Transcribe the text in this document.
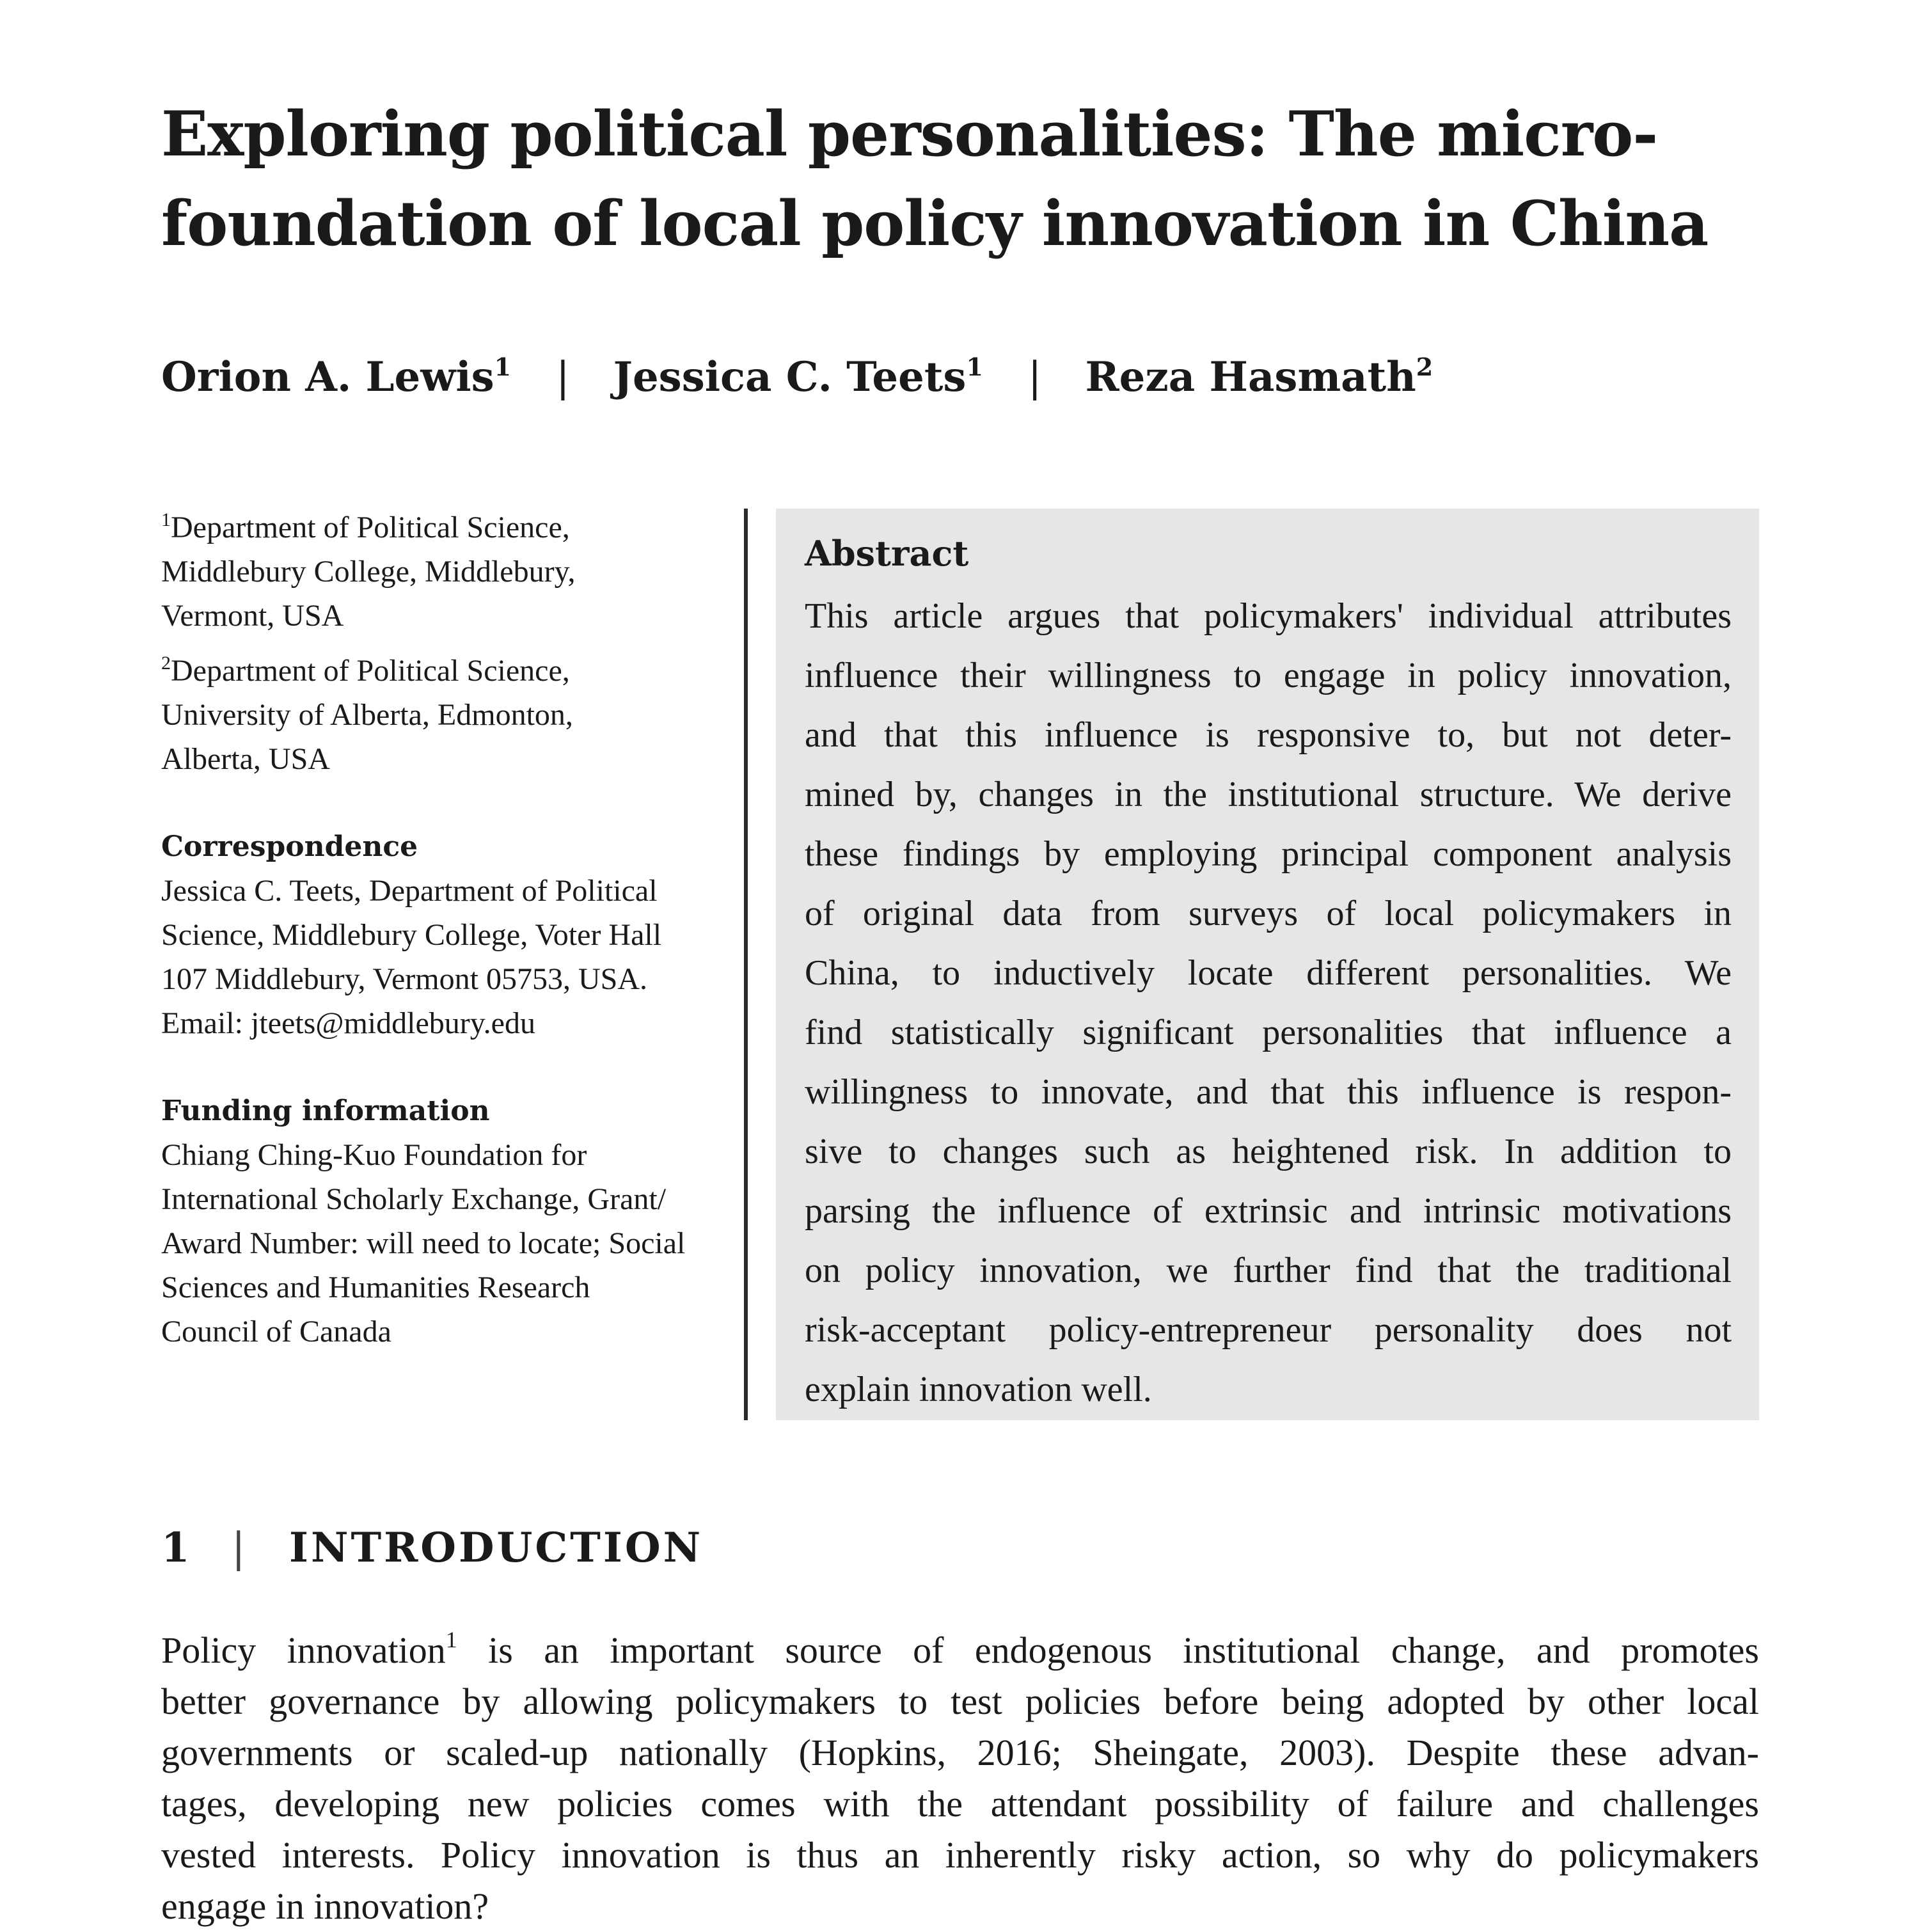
Exploring political personalities: The micro-
foundation of local policy innovation in China
Orion A. Lewis$^1$ | Jessica C. Teets$^1$ | Reza Hasmath$^2$
$^1$Department of Political Science,
Middlebury College, Middlebury,
Vermont, USA
$^2$Department of Political Science,
University of Alberta, Edmonton,
Alberta, USA
Correspondence
Jessica C. Teets, Department of Political
Science, Middlebury College, Voter Hall
107 Middlebury, Vermont 05753, USA.
Email: jteets@middlebury.edu
Funding information
Chiang Ching-Kuo Foundation for
International Scholarly Exchange, Grant/
Award Number: will need to locate; Social
Sciences and Humanities Research
Council of Canada
Abstract
This article argues that policymakers' individual attributes
influence their willingness to engage in policy innovation,
and that this influence is responsive to, but not deter-
mined by, changes in the institutional structure. We derive
these findings by employing principal component analysis
of original data from surveys of local policymakers in
China, to inductively locate different personalities. We
find statistically significant personalities that influence a
willingness to innovate, and that this influence is respon-
sive to changes such as heightened risk. In addition to
parsing the influence of extrinsic and intrinsic motivations
on policy innovation, we further find that the traditional
risk-acceptant policy-entrepreneur personality does not
explain innovation well.
1 | INTRODUCTION
Policy innovation$^1$ is an important source of endogenous institutional change, and promotes
better governance by allowing policymakers to test policies before being adopted by other local
governments or scaled-up nationally (Hopkins, 2016; Sheingate, 2003). Despite these advan-
tages, developing new policies comes with the attendant possibility of failure and challenges
vested interests. Policy innovation is thus an inherently risky action, so why do policymakers
engage in innovation?
